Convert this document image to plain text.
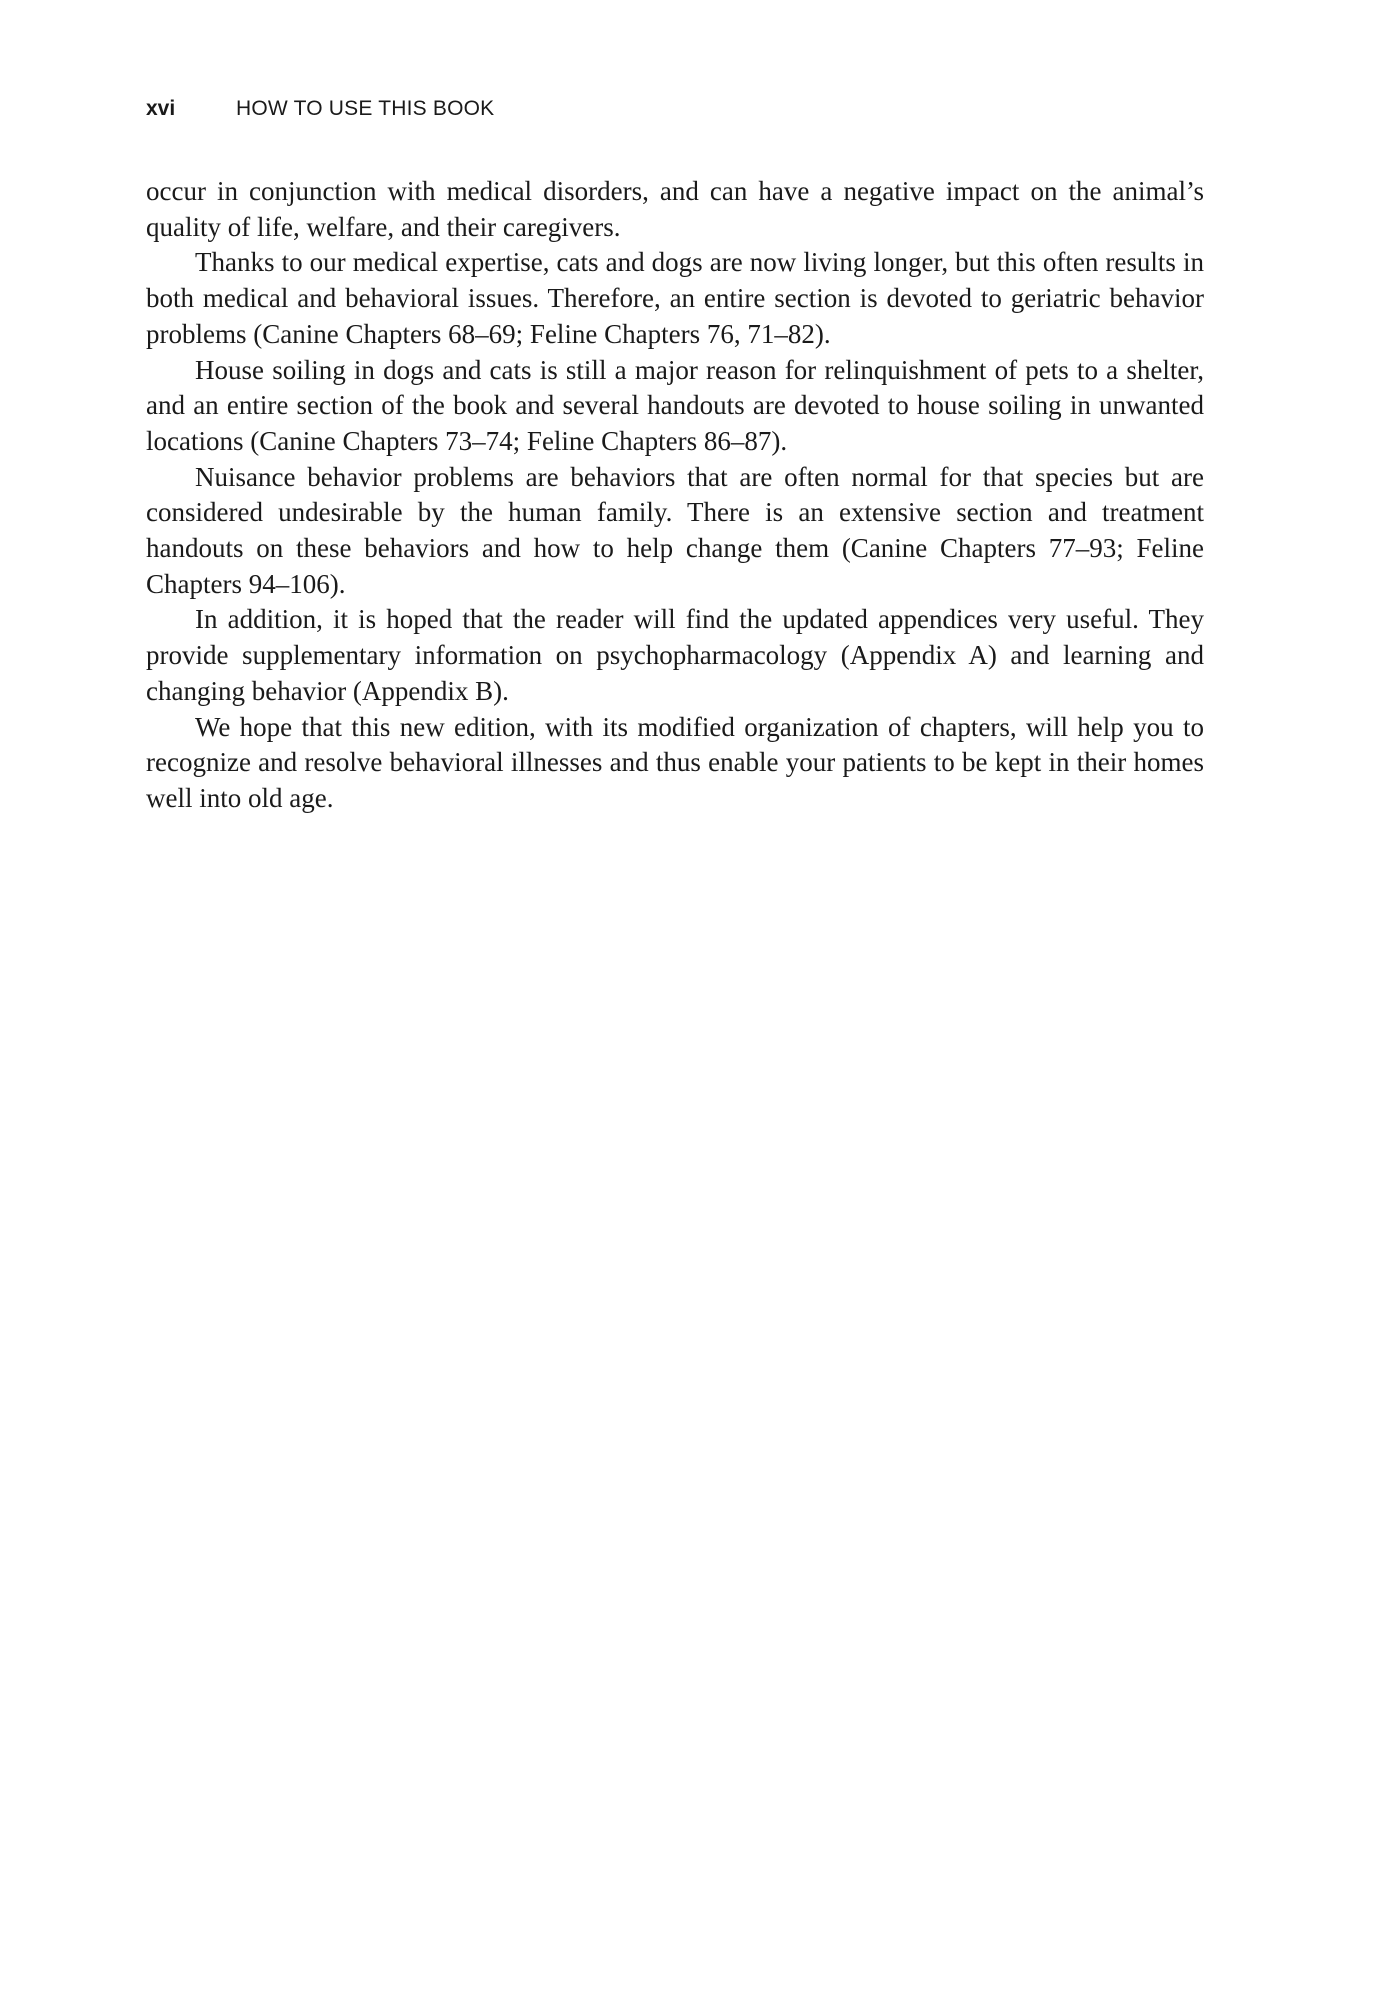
xvi	HOW TO USE THIS BOOK

occur in conjunction with medical disorders, and can have a negative impact on the animal’s quality of life, welfare, and their caregivers.

Thanks to our medical expertise, cats and dogs are now living longer, but this often results in both medical and behavioral issues. Therefore, an entire section is devoted to geriatric behavior problems (Canine Chapters 68–69; Feline Chapters 76, 71–82).

House soiling in dogs and cats is still a major reason for relinquishment of pets to a shelter, and an entire section of the book and several handouts are devoted to house soiling in unwanted locations (Canine Chapters 73–74; Feline Chapters 86–87).

Nuisance behavior problems are behaviors that are often normal for that species but are considered undesirable by the human family. There is an extensive section and treatment handouts on these behaviors and how to help change them (Canine Chapters 77–93; Feline Chapters 94–106).

In addition, it is hoped that the reader will find the updated appendices very useful. They provide supplementary information on psychopharmacology (Appendix A) and learning and changing behavior (Appendix B).

We hope that this new edition, with its modified organization of chapters, will help you to recognize and resolve behavioral illnesses and thus enable your patients to be kept in their homes well into old age.
